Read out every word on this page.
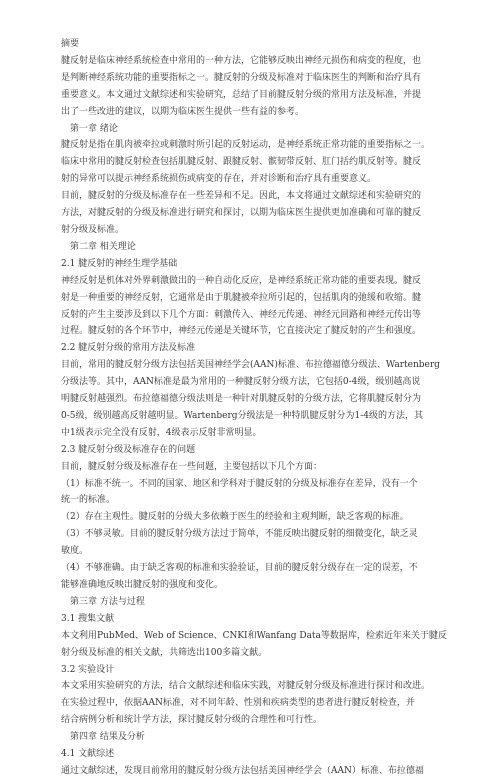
摘要
腱反射是临床神经系统检查中常用的一种方法，它能够反映出神经元损伤和病变的程度，也
是判断神经系统功能的重要指标之一。腱反射的分级及标准对于临床医生的判断和治疗具有
重要意义。本文通过文献综述和实验研究，总结了目前腱反射分级的常用方法及标准，并提
出了一些改进的建议，以期为临床医生提供一些有益的参考。
第一章 绪论
腱反射是指在肌肉被牵拉或刺激时所引起的反射运动，是神经系统正常功能的重要指标之一。
临床中常用的腱反射检查包括肌腱反射、跟腱反射、髌韧带反射、肛门括约肌反射等。腱反
射的异常可以提示神经系统损伤或病变的存在，并对诊断和治疗具有重要意义。
目前，腱反射的分级及标准存在一些差异和不足。因此，本文将通过文献综述和实验研究的
方法，对腱反射的分级及标准进行研究和探讨，以期为临床医生提供更加准确和可靠的腱反
射分级及标准。
第二章 相关理论
2.1 腱反射的神经生理学基础
神经反射是机体对外界刺激做出的一种自动化反应，是神经系统正常功能的重要表现。腱反
射是一种重要的神经反射，它通常是由于肌腱被牵拉所引起的，包括肌肉的弛缓和收缩。腱
反射的产生主要涉及到以下几个方面：刺激传入、神经元传递、神经元回路和神经元传出等
过程。腱反射的各个环节中，神经元传递是关键环节，它直接决定了腱反射的产生和强度。
2.2 腱反射分级的常用方法及标准
目前，常用的腱反射分级方法包括美国神经学会(AAN)标准、布拉德福德分级法、Wartenberg
分级法等。其中，AAN标准是最为常用的一种腱反射分级方法，它包括0-4级，级别越高说
明腱反射越强烈。布拉德福德分级法则是一种针对肌腱反射的分级方法，它将肌腱反射分为
0-5级，级别越高反射越明显。Wartenberg分级法是一种特肌腱反射分为1-4级的方法，其
中1级表示完全没有反射，4级表示反射非常明显。
2.3 腱反射分级及标准存在的问题
目前，腱反射分级及标准存在一些问题，主要包括以下几个方面：
（1）标准不统一。不同的国家、地区和学科对于腱反射的分级及标准存在差异，没有一个
统一的标准。
（2）存在主观性。腱反射的分级大多依赖于医生的经验和主观判断，缺乏客观的标准。
（3）不够灵敏。目前的腱反射分级方法过于简单，不能反映出腱反射的细微变化，缺乏灵
敏度。
（4）不够准确。由于缺乏客观的标准和实验验证，目前的腱反射分级存在一定的误差，不
能够准确地反映出腱反射的强度和变化。
第三章 方法与过程
3.1 搜集文献
本文利用PubMed、Web of Science、CNKI和Wanfang Data等数据库，检索近年来关于腱反
射分级及标准的相关文献，共筛选出100多篇文献。
3.2 实验设计
本文采用实验研究的方法，结合文献综述和临床实践，对腱反射分级及标准进行探讨和改进。
在实验过程中，依据AAN标准，对不同年龄、性别和疾病类型的患者进行腱反射检查，并
结合病例分析和统计学方法，探讨腱反射分级的合理性和可行性。
第四章 结果及分析
4.1 文献综述
通过文献综述，发现目前常用的腱反射分级方法包括美国神经学会（AAN）标准、布拉德福
